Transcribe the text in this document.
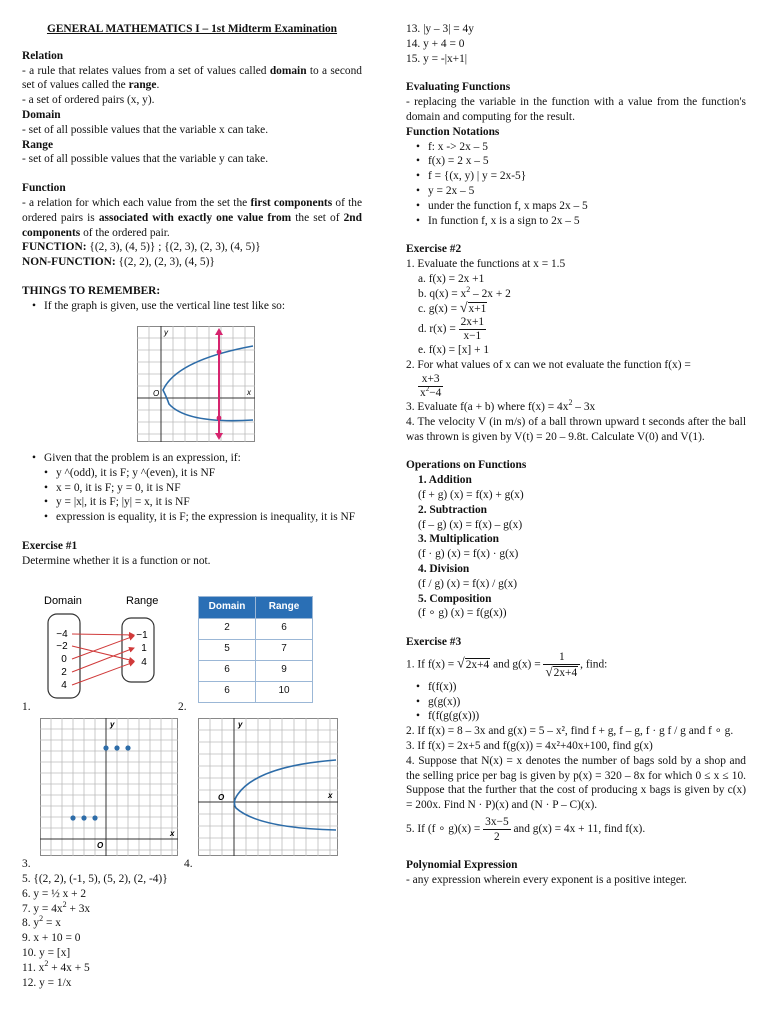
GENERAL MATHEMATICS I – 1st Midterm Examination

Relation

- a rule that relates values from a set of values called domain to a second set of values called the range.

- a set of ordered pairs (x, y).

Domain

- set of all possible values that the variable x can take.

Range

- set of all possible values that the variable y can take.

Function

- a relation for which each value from the set the first components of the ordered pairs is associated with exactly one value from the set of 2nd components of the ordered pair.

FUNCTION: {(2, 3), (4, 5)} ; {(2, 3), (2, 3), (4, 5)}

NON-FUNCTION: {(2, 2), (2, 3), (4, 5)}

THINGS TO REMEMBER:

• If the graph is given, use the vertical line test like so:
y
x
O
• Given that the problem is an expression, if:
• y ^(odd), it is F; y ^(even), it is NF
• x = 0, it is F; y = 0, it is NF
• y = |x|, it is F; |y| = x, it is NF
• expression is equality, it is F; the expression is inequality, it is NF

Exercise #1

Determine whether it is a function or not.

Domain	Range
−4
−2
0
2
4
−1
1
4
Domain	Range
2	6
5	7
6	9
6	10
1.	2.
y
x
O
y
x
O
3.	4.

5. {(2, 2), (-1, 5), (5, 2), (2, -4)}

6. y = ½ x + 2

7. $y = 4x^2 + 3x$

8. $y^2 = x$

9. x + 10 = 0

10. y = [x]

11. $x^2 + 4x + 5$

12. y = 1/x

13. |y – 3| = 4y

14. y + 4 = 0

15. y = -|x+1|

Evaluating Functions

- replacing the variable in the function with a value from the function's domain and computing for the result.

Function Notations

• f: x -> 2x – 5
• f(x) = 2 x – 5
• f = {(x, y) | y = 2x-5}
• y = 2x – 5
• under the function f, x maps 2x – 5
• In function f, x is a sign to 2x – 5

Exercise #2

1. Evaluate the functions at x = 1.5

a. f(x) = 2x +1

b. $q(x) = x^2 - 2x + 2$

c. g(x) = √x+1

d. $r(x) = \frac{2x+1}{x-1}$

e. f(x) = [x] + 1

2. For what values of x can we not evaluate the function f(x) =

$\frac{x+3}{x^2-4}$

3. Evaluate f(a + b) where $f(x) = 4x^2 - 3x$

4. The velocity V (in m/s) of a ball thrown upward t seconds after the ball was thrown is given by V(t) = 20 – 9.8t. Calculate V(0) and V(1).

Operations on Functions

1. Addition

(f + g) (x) = f(x) + g(x)

2. Subtraction

(f – g) (x) = f(x) – g(x)

3. Multiplication

(f · g) (x) = f(x) · g(x)

4. Division

(f / g) (x) = f(x) / g(x)

5. Composition

(f ∘ g) (x) = f(g(x))

Exercise #3

1. If f(x) = √2x+4 and $g(x) = \frac{1}{√2x+4}$ , find:

• f(f(x))
• g(g(x))
• f(f(g(g(x)))

2. If f(x) = 8 – 3x and g(x) = 5 – x², find f + g, f – g, f · g f / g and f ∘ g.

3. If f(x) = 2x+5 and f(g(x)) = 4x²+40x+100, find g(x)

4. Suppose that N(x) = x denotes the number of bags sold by a shop and the selling price per bag is given by p(x) = 320 – 8x for which 0 ≤ x ≤ 10. Suppose that the further that the cost of producing x bags is given by c(x) = 200x. Find N · P)(x) and (N · P – C)(x).

5. If (f ∘ $g)(x) = \frac{3x-5}{2}$ and g(x) = 4x + 11, find f(x).

Polynomial Expression

- any expression wherein every exponent is a positive integer.
